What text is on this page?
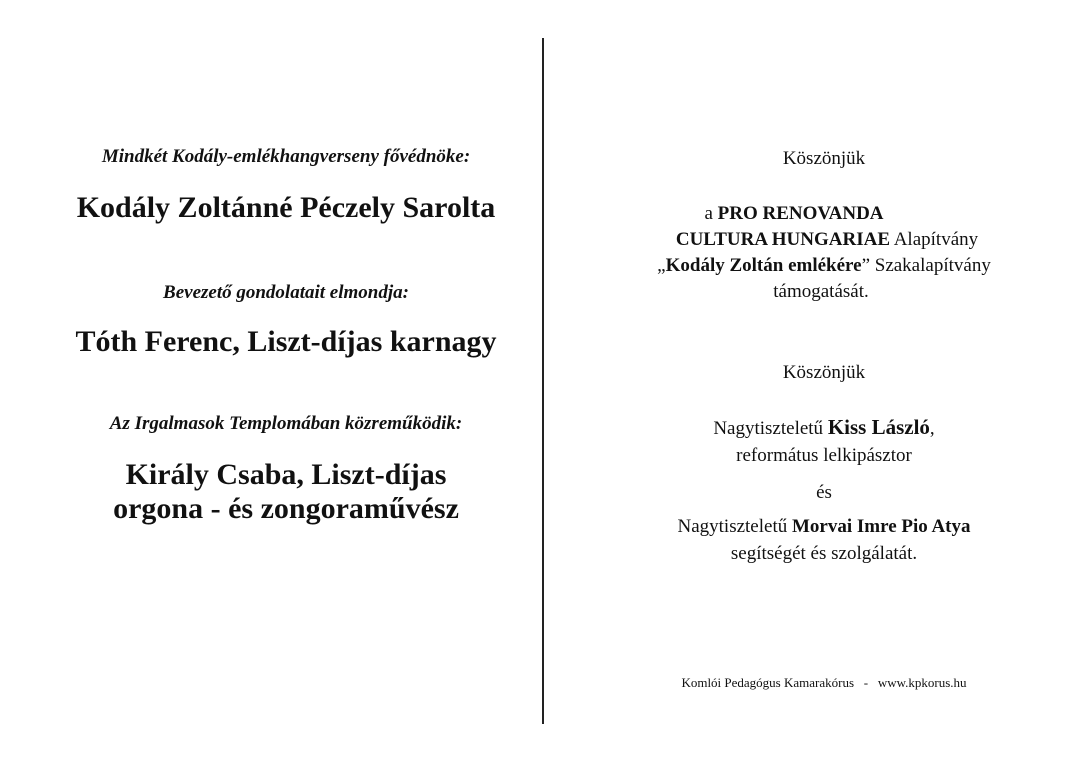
Mindkét Kodály-emlékhangverseny fővédnöke:
Kodály Zoltánné Péczely Sarolta
Bevezető gondolatait elmondja:
Tóth Ferenc, Liszt-díjas karnagy
Az Irgalmasok Templomában közreműködik:
Király Csaba, Liszt-díjas
orgona - és zongoraművész
Köszönjük
a PRO RENOVANDA
CULTURA HUNGARIAE Alapítvány
„Kodály Zoltán emlékére” Szakalapítvány
támogatását.
Köszönjük
Nagytiszteletű Kiss László,
református lelkipásztor
és
Nagytiszteletű Morvai Imre Pio Atya
segítségét és szolgálatát.
Komlói Pedagógus Kamarakórus   -   www.kpkorus.hu
